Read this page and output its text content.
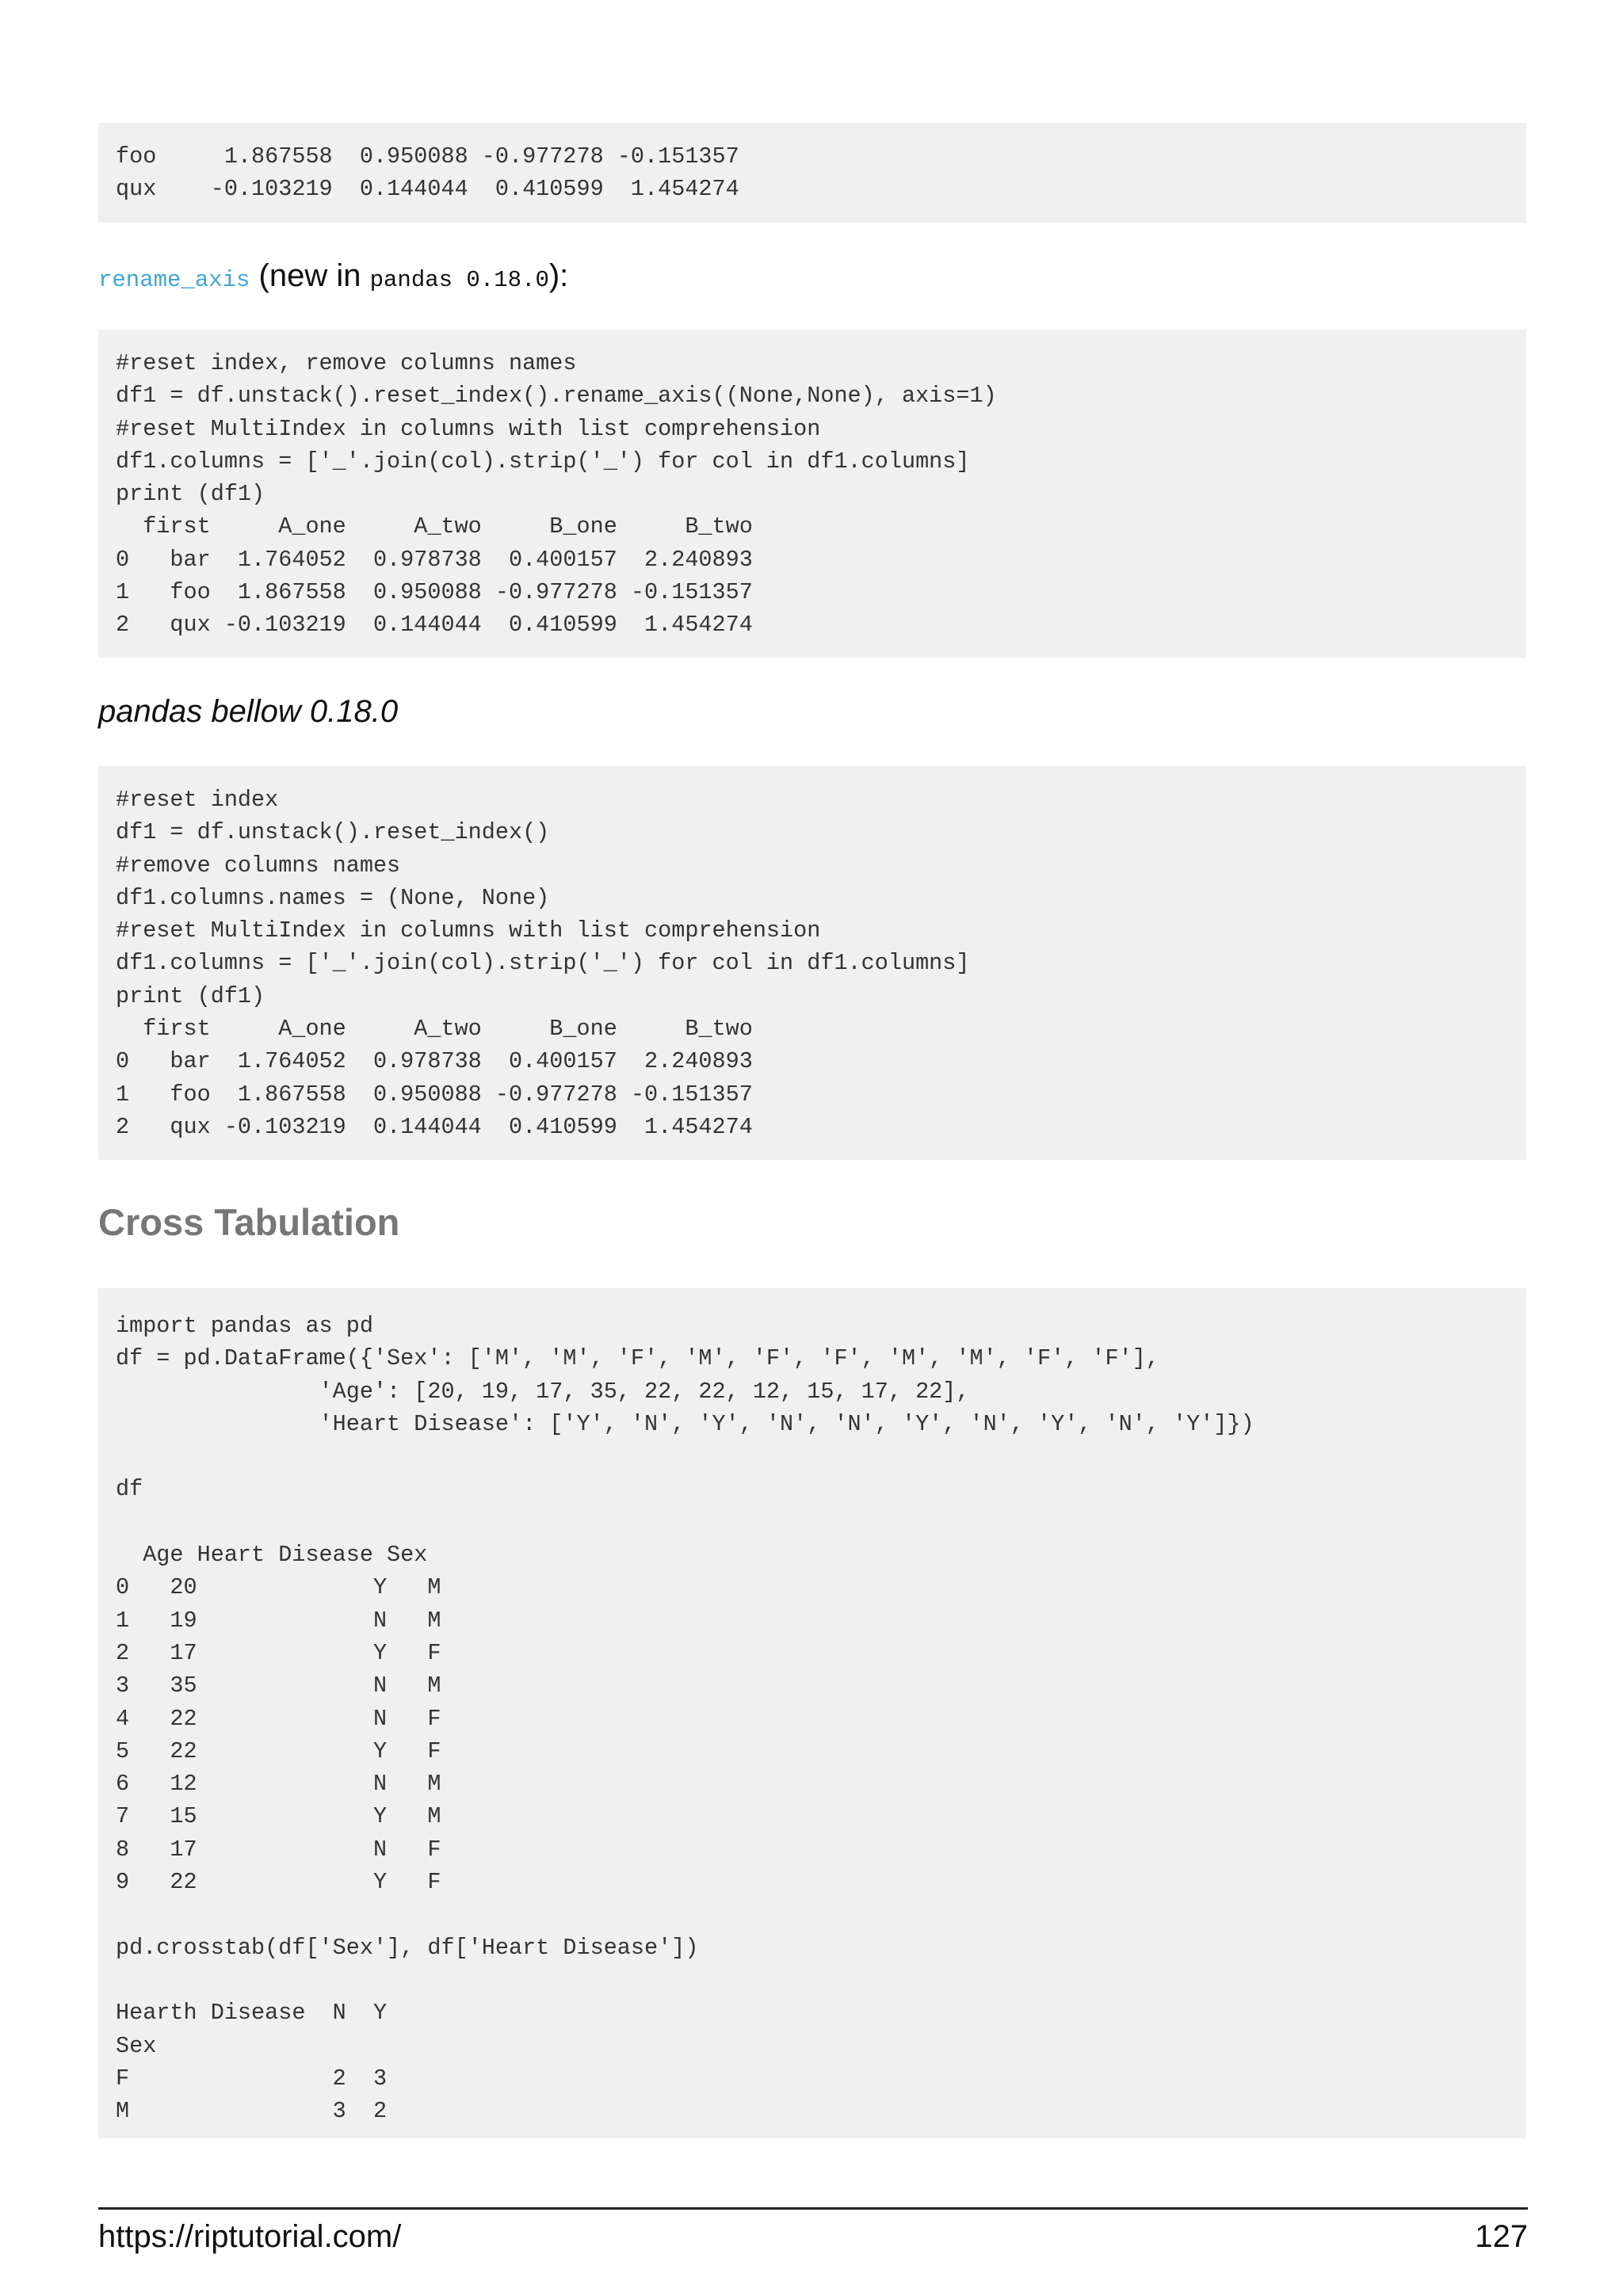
foo     1.867558  0.950088 -0.977278 -0.151357
qux    -0.103219  0.144044  0.410599  1.454274
rename_axis (new in pandas 0.18.0):
#reset index, remove columns names
df1 = df.unstack().reset_index().rename_axis((None,None), axis=1)
#reset MultiIndex in columns with list comprehension
df1.columns = ['_'.join(col).strip('_') for col in df1.columns]
print (df1)
first     A_one     A_two     B_one     B_two
0   bar  1.764052  0.978738  0.400157  2.240893
1   foo  1.867558  0.950088 -0.977278 -0.151357
2   qux -0.103219  0.144044  0.410599  1.454274
pandas bellow 0.18.0
#reset index
df1 = df.unstack().reset_index()
#remove columns names
df1.columns.names = (None, None)
#reset MultiIndex in columns with list comprehension
df1.columns = ['_'.join(col).strip('_') for col in df1.columns]
print (df1)
first     A_one     A_two     B_one     B_two
0   bar  1.764052  0.978738  0.400157  2.240893
1   foo  1.867558  0.950088 -0.977278 -0.151357
2   qux -0.103219  0.144044  0.410599  1.454274
Cross Tabulation
import pandas as pd
df = pd.DataFrame({'Sex': ['M', 'M', 'F', 'M', 'F', 'F', 'M', 'M', 'F', 'F'],
'Age': [20, 19, 17, 35, 22, 22, 12, 15, 17, 22],
'Heart Disease': ['Y', 'N', 'Y', 'N', 'N', 'Y', 'N', 'Y', 'N', 'Y']})

df

Age Heart Disease Sex
0   20             Y   M
1   19             N   M
2   17             Y   F
3   35             N   M
4   22             N   F
5   22             Y   F
6   12             N   M
7   15             Y   M
8   17             N   F
9   22             Y   F

pd.crosstab(df['Sex'], df['Heart Disease'])

Hearth Disease  N  Y
Sex
F               2  3
M               3  2
https://riptutorial.com/	127
